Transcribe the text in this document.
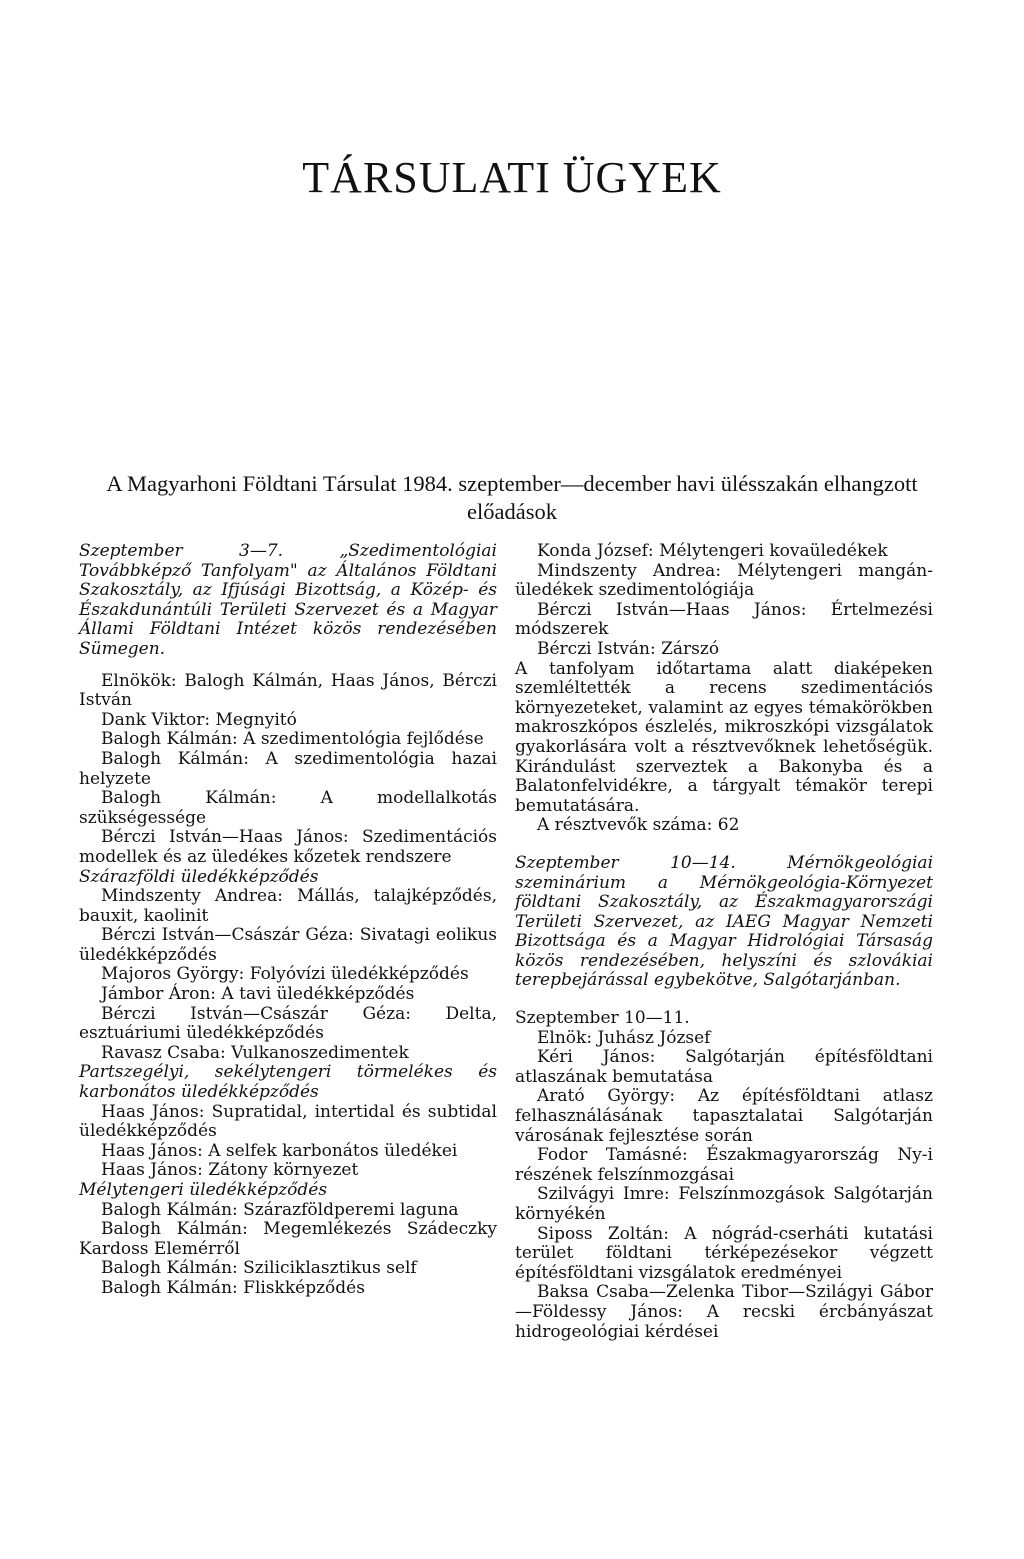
TÁRSULATI ÜGYEK
A Magyarhoni Földtani Társulat 1984. szeptember—december havi ülésszakán elhangzott előadások

Szeptember 3—7. „Szedimentológiai Továbbképző Tanfolyam" az Általános Földtani Szakosztály, az Ifjúsági Bizottság, a Közép- és Északdunántúli Területi Szervezet és a Magyar Állami Földtani Intézet közös rendezésében Sümegen.

Elnökök: Balogh Kálmán, Haas János, Bérczi István

Dank Viktor: Megnyitó

Balogh Kálmán: A szedimentológia fejlődése

Balogh Kálmán: A szedimentológia hazai helyzete

Balogh Kálmán: A modellalkotás szükségessége

Bérczi István—Haas János: Szedimentációs modellek és az üledékes kőzetek rendszere

Szárazföldi üledékképződés

Mindszenty Andrea: Mállás, talajképződés, bauxit, kaolinit

Bérczi István—Császár Géza: Sivatagi eolikus üledékképződés

Majoros György: Folyóvízi üledékképződés

Jámbor Áron: A tavi üledékképződés

Bérczi István—Császár Géza: Delta, esztuáriumi üledékképződés

Ravasz Csaba: Vulkanoszedimentek

Partszegélyi, sekélytengeri törmelékes és karbonátos üledékképződés

Haas János: Supratidal, intertidal és subtidal üledékképződés

Haas János: A selfek karbonátos üledékei

Haas János: Zátony környezet

Mélytengeri üledékképződés

Balogh Kálmán: Szárazföldperemi laguna

Balogh Kálmán: Megemlékezés Szádeczky Kardoss Elemérről

Balogh Kálmán: Sziliciklasztikus self

Balogh Kálmán: Fliskképződés

Konda József: Mélytengeri kovaüledékek

Mindszenty Andrea: Mélytengeri mangán-üledékek szedimentológiája

Bérczi István—Haas János: Értelmezési módszerek

Bérczi István: Zárszó

A tanfolyam időtartama alatt diaképeken szemléltették a recens szedimentációs környezeteket, valamint az egyes témakörökben makroszkópos észlelés, mikroszkópi vizsgálatok gyakorlására volt a résztvevőknek lehetőségük. Kirándulást szerveztek a Bakonyba és a Balatonfelvidékre, a tárgyalt témakör terepi bemutatására.

A résztvevők száma: 62

Szeptember 10—14. Mérnökgeológiai szeminárium a Mérnökgeológia-Környezet földtani Szakosztály, az Északmagyarországi Területi Szervezet, az IAEG Magyar Nemzeti Bizottsága és a Magyar Hidrológiai Társaság közös rendezésében, helyszíni és szlovákiai terepbejárással egybekötve, Salgótarjánban.

Szeptember 10—11.

Elnök: Juhász József

Kéri János: Salgótarján építésföldtani atlaszának bemutatása

Arató György: Az építésföldtani atlasz felhasználásának tapasztalatai Salgótarján városának fejlesztése során

Fodor Tamásné: Északmagyarország Ny-i részének felszínmozgásai

Szilvágyi Imre: Felszínmozgások Salgótarján környékén

Siposs Zoltán: A nógrád-cserháti kutatási terület földtani térképezésekor végzett építésföldtani vizsgálatok eredményei

Baksa Csaba—Zelenka Tibor—Szilágyi Gábor—Földessy János: A recski ércbányászat hidrogeológiai kérdései
